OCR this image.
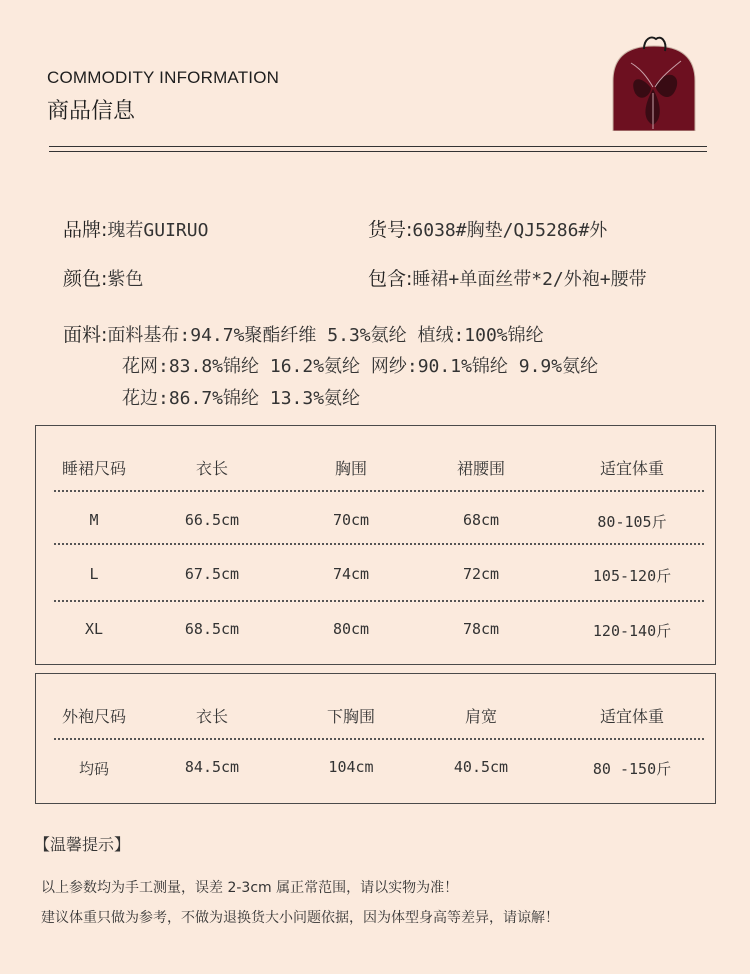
COMMODITY INFORMATION
商品信息
品牌:瑰若GUIRUO	货号:6038#胸垫/QJ5286#外
颜色:紫色	包含:睡裙+单面丝带*2/外袍+腰带
面料:面料基布:94.7%聚酯纤维 5.3%氨纶 植绒:100%锦纶
花网:83.8%锦纶 16.2%氨纶 网纱:90.1%锦纶 9.9%氨纶
花边:86.7%锦纶 13.3%氨纶
睡裙尺码	衣长	胸围	裙腰围	适宜体重
M	66.5cm	70cm	68cm	80-105斤
L	67.5cm	74cm	72cm	105-120斤
XL	68.5cm	80cm	78cm	120-140斤
外袍尺码	衣长	下胸围	肩宽	适宜体重
均码	84.5cm	104cm	40.5cm	80 -150斤
【温馨提示】
以上参数均为手工测量，误差 2-3cm 属正常范围，请以实物为准！
建议体重只做为参考，不做为退换货大小问题依据，因为体型身高等差异，请谅解！
